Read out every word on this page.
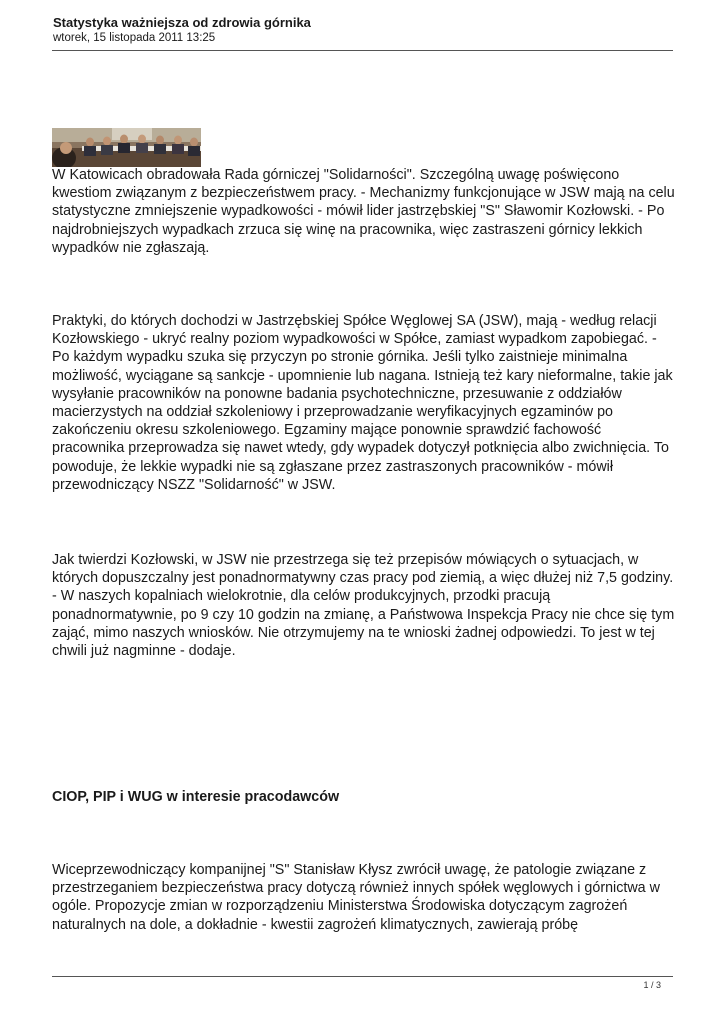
Statystyka ważniejsza od zdrowia górnika

wtorek, 15 listopada 2011 13:25

W Katowicach obradowała Rada górniczej "Solidarności". Szczególną uwagę poświęcono kwestiom związanym z bezpieczeństwem pracy. - Mechanizmy funkcjonujące w JSW mają na celu statystyczne zmniejszenie wypadkowości - mówił lider jastrzębskiej "S" Sławomir Kozłowski. - Po najdrobniejszych wypadkach zrzuca się winę na pracownika, więc zastraszeni górnicy lekkich wypadków nie zgłaszają.

Praktyki, do których dochodzi w Jastrzębskiej Spółce Węglowej SA (JSW), mają - według relacji Kozłowskiego - ukryć realny poziom wypadkowości w Spółce, zamiast wypadkom zapobiegać. - Po każdym wypadku szuka się przyczyn po stronie górnika. Jeśli tylko zaistnieje minimalna możliwość, wyciągane są sankcje - upomnienie lub nagana. Istnieją też kary nieformalne, takie jak wysyłanie pracowników na ponowne badania psychotechniczne, przesuwanie z oddziałów macierzystych na oddział szkoleniowy i przeprowadzanie weryfikacyjnych egzaminów po zakończeniu okresu szkoleniowego. Egzaminy mające ponownie sprawdzić fachowość pracownika przeprowadza się nawet wtedy, gdy wypadek dotyczył potknięcia albo zwichnięcia. To powoduje, że lekkie wypadki nie są zgłaszane przez zastraszonych pracowników - mówił przewodniczący NSZZ "Solidarność" w JSW.

Jak twierdzi Kozłowski, w JSW nie przestrzega się też przepisów mówiących o sytuacjach, w których dopuszczalny jest ponadnormatywny czas pracy pod ziemią, a więc dłużej niż 7,5 godziny. - W naszych kopalniach wielokrotnie, dla celów produkcyjnych, przodki pracują ponadnormatywnie, po 9 czy 10 godzin na zmianę, a Państwowa Inspekcja Pracy nie chce się tym zająć, mimo naszych wniosków. Nie otrzymujemy na te wnioski żadnej odpowiedzi. To jest w tej chwili już nagminne - dodaje.

CIOP, PIP i WUG w interesie pracodawców

Wiceprzewodniczący kompanijnej "S" Stanisław Kłysz zwrócił uwagę, że patologie związane z przestrzeganiem bezpieczeństwa pracy dotyczą również innych spółek węglowych i górnictwa w ogóle. Propozycje zmian w rozporządzeniu Ministerstwa Środowiska dotyczącym zagrożeń naturalnych na dole, a dokładnie - kwestii zagrożeń klimatycznych, zawierają próbę

1 / 3
